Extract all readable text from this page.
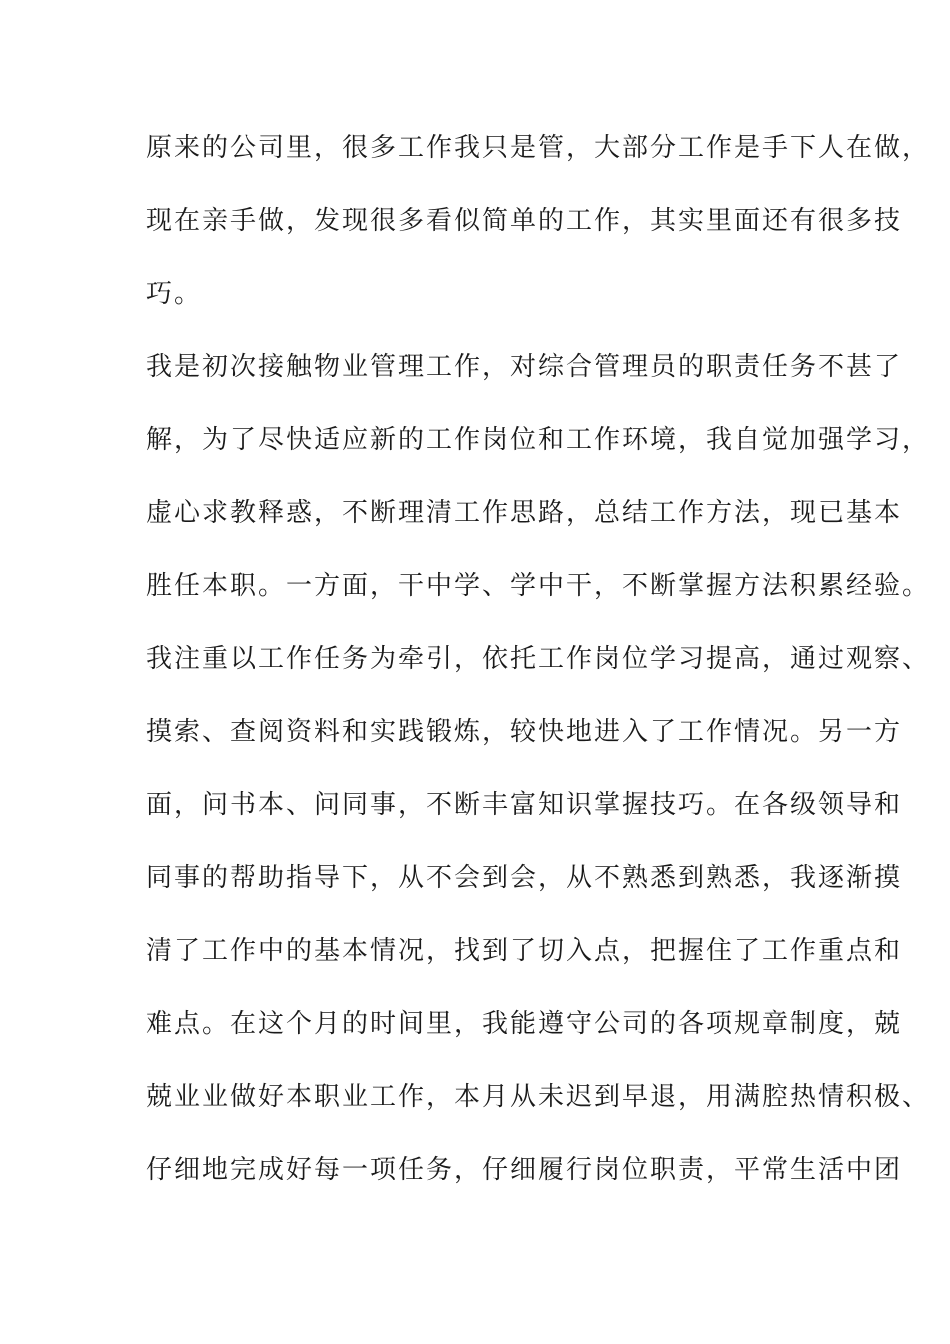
原来的公司里，很多工作我只是管，大部分工作是手下人在做，
现在亲手做，发现很多看似简单的工作，其实里面还有很多技
巧。
我是初次接触物业管理工作，对综合管理员的职责任务不甚了
解，为了尽快适应新的工作岗位和工作环境，我自觉加强学习，
虚心求教释惑，不断理清工作思路，总结工作方法，现已基本
胜任本职。一方面，干中学、学中干，不断掌握方法积累经验。
我注重以工作任务为牵引，依托工作岗位学习提高，通过观察、
摸索、查阅资料和实践锻炼，较快地进入了工作情况。另一方
面，问书本、问同事，不断丰富知识掌握技巧。在各级领导和
同事的帮助指导下，从不会到会，从不熟悉到熟悉，我逐渐摸
清了工作中的基本情况，找到了切入点，把握住了工作重点和
难点。在这个月的时间里，我能遵守公司的各项规章制度，兢
兢业业做好本职业工作，本月从未迟到早退，用满腔热情积极、
仔细地完成好每一项任务，仔细履行岗位职责，平常生活中团
